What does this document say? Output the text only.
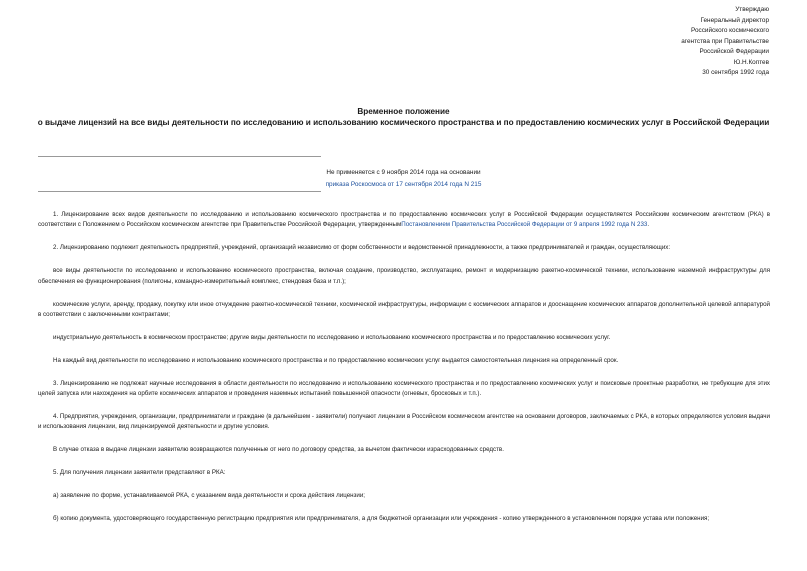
Утверждаю
Генеральный директор
Российского космического
агентства при Правительстве
Российской Федерации
Ю.Н.Коптев
30 сентября 1992 года
Временное положение
о выдаче лицензий на все виды деятельности по исследованию и использованию космического пространства и по предоставлению космических услуг в Российской Федерации
Не применяется с 9 ноября 2014 года на основании
приказа Роскосмоса от 17 сентября 2014 года N 215

1. Лицензирование всех видов деятельности по исследованию и использованию космического пространства и по предоставлению космических услуг в Российской Федерации осуществляется Российским космическим агентством (РКА) в соответствии с Положением о Российском космическом агентстве при Правительстве Российской Федерации, утвержденнымПостановлением Правительства Российской Федерации от 9 апреля 1992 года N 233.

2. Лицензированию подлежит деятельность предприятий, учреждений, организаций независимо от форм собственности и ведомственной принадлежности, а также предпринимателей и граждан, осуществляющих:

все виды деятельности по исследованию и использованию космического пространства, включая создание, производство, эксплуатацию, ремонт и модернизацию ракетно-космической техники, использование наземной инфраструктуры для обеспечения ее функционирования (полигоны, командно-измерительный комплекс, стендовая база и т.п.);

космические услуги, аренду, продажу, покупку или иное отчуждение ракетно-космической техники, космической инфраструктуры, информации с космических аппаратов и дооснащение космических аппаратов дополнительной целевой аппаратурой в соответствии с заключенными контрактами;

индустриальную деятельность в космическом пространстве; другие виды деятельности по исследованию и использованию космического пространства и по предоставлению космических услуг.

На каждый вид деятельности по исследованию и использованию космического пространства и по предоставлению космических услуг выдается самостоятельная лицензия на определенный срок.

3. Лицензированию не подлежат научные исследования в области деятельности по исследованию и использованию космического пространства и по предоставлению космических услуг и поисковые проектные разработки, не требующие для этих целей запуска или нахождения на орбите космических аппаратов и проведения наземных испытаний повышенной опасности (огневых, бросковых и т.п.).

4. Предприятия, учреждения, организации, предприниматели и граждане (в дальнейшем - заявители) получают лицензии в Российском космическом агентстве на основании договоров, заключаемых с РКА, в которых определяются условия выдачи и использования лицензии, вид лицензируемой деятельности и другие условия.

В случае отказа в выдаче лицензии заявителю возвращаются полученные от него по договору средства, за вычетом фактически израсходованных средств.

5. Для получения лицензии заявители представляют в РКА:

а) заявление по форме, устанавливаемой РКА, с указанием вида деятельности и срока действия лицензии;

б) копию документа, удостоверяющего государственную регистрацию предприятия или предпринимателя, а для бюджетной организации или учреждения - копию утвержденного в установленном порядке устава или положения;
